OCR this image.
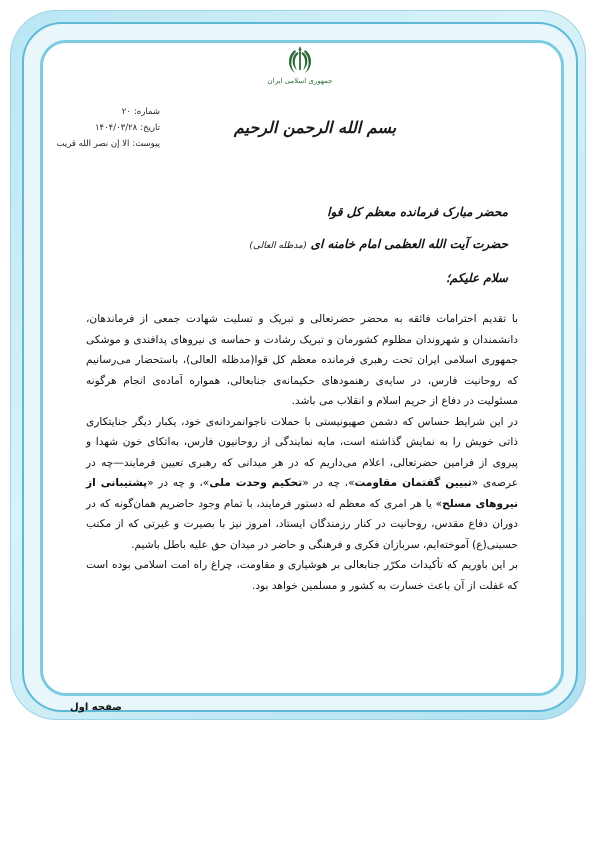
جمهوری اسلامی ایران
شماره:۲۰
تاریخ:۱۴۰۴/۰۳/۲۸
پیوست:الا إن نصر الله قریب
بسم الله الرحمن الرحیم
محضر مبارک فرمانده معظم کل قوا
حضرت آیت الله العظمی امام خامنه ای (مدظله العالی)
سلام علیکم؛

با تقدیم احترامات فائقه به محضر حضرتعالی و تبریک و تسلیت شهادت جمعی از فرماندهان، دانشمندان و شهروندان مظلوم کشورمان و تبریک رشادت و حماسه ی نیروهای پدافندی و موشکی جمهوری اسلامی ایران تحت رهبری فرمانده معظم کل قوا(مدظله العالی)، باستحضار می‌رسانیم که روحانیت فارس، در سایه‌ی رهنمودهای حکیمانه‌ی جنابعالی، همواره آماده‌ی انجام هرگونه مسئولیت در دفاع از حریم اسلام و انقلاب می باشد.

در این شرایط حساس که دشمن صهیونیستی با حملات ناجوانمردانه‌ی خود، یکبار دیگر جنایتکاری ذاتی خویش را به نمایش گذاشته است، مایه نمایندگی از روحانیون فارس، به‌اتکای خون شهدا و پیروی از فرامین حضرتعالی، اعلام می‌داریم که در هر میدانی که رهبری تعیین فرمایند—چه در عرصه‌ی «تبیین گفتمان مقاومت»، چه در «تحکیم وحدت ملی»، و چه در «پشتیبانی از نیروهای مسلح» یا هر امری که معظم له دستور فرمایند، با تمام وجود حاضریم همان‌گونه که در دوران دفاع مقدس، روحانیت در کنار رزمندگان ایستاد، امروز نیز با بصیرت و غیرتی که از مکتب حسینی(ع) آموخته‌ایم، سربازان فکری و فرهنگی و حاضر در میدان حق علیه باطل باشیم.

بر این باوریم که تأکیدات مکرّر جنابعالی بر هوشیاری و مقاومت، چراغ راه امت اسلامی بوده است که غفلت از آن باعث خسارت به کشور و مسلمین خواهد بود.

صفحه اول
